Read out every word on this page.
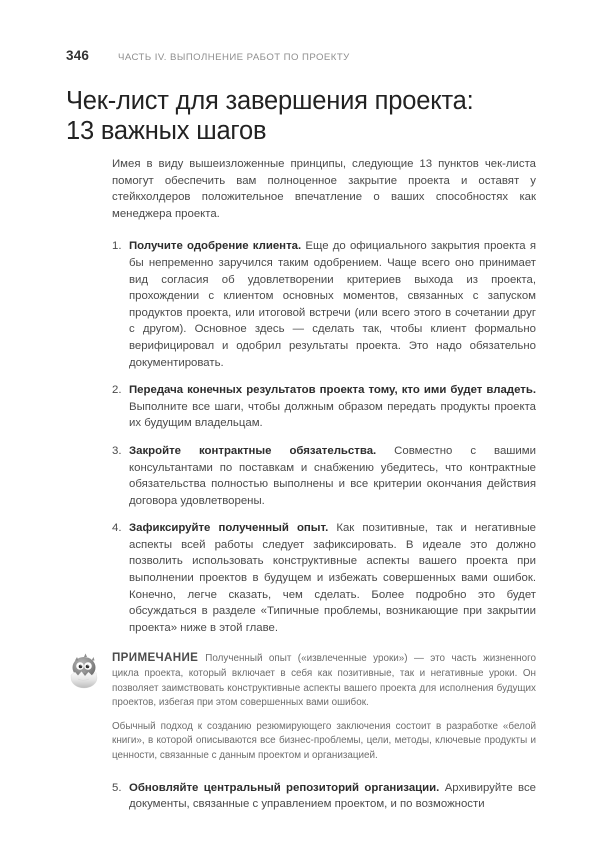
346	ЧАСТЬ IV. ВЫПОЛНЕНИЕ РАБОТ ПО ПРОЕКТУ
Чек-лист для завершения проекта:
13 важных шагов

Имея в виду вышеизложенные принципы, следующие 13 пунктов чек-листа помогут обеспечить вам полноценное закрытие проекта и оставят у стейкхолдеров положительное впечатление о ваших способностях как менеджера проекта.

1. Получите одобрение клиента. Еще до официального закрытия проекта я бы непременно заручился таким одобрением. Чаще всего оно принимает вид согласия об удовлетворении критериев выхода из проекта, прохождении с клиентом основных моментов, связанных с запуском продуктов проекта, или итоговой встречи (или всего этого в сочетании друг с другом). Основное здесь — сделать так, чтобы клиент формально верифицировал и одобрил результаты проекта. Это надо обязательно документировать.
2. Передача конечных результатов проекта тому, кто ими будет владеть. Выполните все шаги, чтобы должным образом передать продукты проекта их будущим владельцам.
3. Закройте контрактные обязательства. Совместно с вашими консультантами по поставкам и снабжению убедитесь, что контрактные обязательства полностью выполнены и все критерии окончания действия договора удовлетворены.
4. Зафиксируйте полученный опыт. Как позитивные, так и негативные аспекты всей работы следует зафиксировать. В идеале это должно позволить использовать конструктивные аспекты вашего проекта при выполнении проектов в будущем и избежать совершенных вами ошибок. Конечно, легче сказать, чем сделать. Более подробно это будет обсуждаться в разделе «Типичные проблемы, возникающие при закрытии проекта» ниже в этой главе.

ПРИМЕЧАНИЕ Полученный опыт («извлеченные уроки») — это часть жизненного цикла проекта, который включает в себя как позитивные, так и негативные уроки. Он позволяет заимствовать конструктивные аспекты вашего проекта для исполнения будущих проектов, избегая при этом совершенных вами ошибок.

Обычный подход к созданию резюмирующего заключения состоит в разработке «белой книги», в которой описываются все бизнес-проблемы, цели, методы, ключевые продукты и ценности, связанные с данным проектом и организацией.

5. Обновляйте центральный репозиторий организации. Архивируйте все документы, связанные с управлением проектом, и по возможности
